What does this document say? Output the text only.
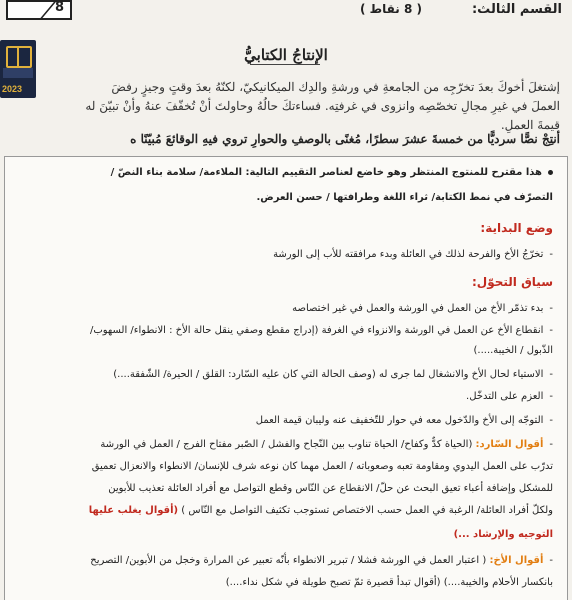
8	( 8 نقاط )	القسم الثالث:
2023
الإنتاجُ الكتابيُّ
إشتغلَ أخوكَ بعدَ تخرّجِه من الجامعةِ في ورشةِ والدِك الميكانيكيّ، لكنّهُ بعدَ وقتٍ وجيزٍ رفضَ
العملَ في غيرِ مجالِ تخصّصِه وانزوى في غرفتِه. فساءتكَ حالُهُ وحاولتَ أنْ تُخفّفَ عنهُ وأنْ تبيّنَ له
قيمةَ العملِ.
أنتِجْ نصًّا سرديًّا من خمسةَ عشرَ سطرًا، مُغنًى بالوصفِ والحوارِ تروي فيهِ الوقائعَ مُبيّنًا ه
هذا مقترح للمنتوج المنتظر وهو خاضع لعناصر التقييم التالية: الملاءمة/ سلامة بناء النصّ /
التصرّف في نمط الكتابة/ ثراء اللغة وطرافتها / حسن العرض.
وضع البداية:
-تخرّجُ الأخ والفرحة لذلك في العائلة وبدء مرافقته للأب إلى الورشة
سياق التحوّل:
-بدء تذمّر الأخ من العمل في الورشة والعمل في غير اختصاصه
-انقطاع الأخ عن العمل في الورشة والانزواء في الغرفة (إدراج مقطع وصفي ينقل حالة الأخ : الانطواء/ السهوب/
الذّبول / الخيبة.....)
-الاستياء لحال الأخ والانشغال لما جرى له (وصف الحالة التي كان عليه السّارد: القلق / الحيرة/ الشّفقة....)
-العزم على التدخّل.
-التوجّه إلى الأخ والدّخول معه في حوار للتّخفيف عنه وليبان قيمة العمل
-أقوال السّارد: (الحياة كدٌّ وكفاح/ الحياة تناوب بين النّجاح والفشل / الصّبر مفتاح الفرج / العمل في الورشة
تدرّب على العمل اليدوي ومقاومة تعبه وصعوباته / العمل مهما كان نوعه شرف للإنسان/ الانطواء والانعزال تعميق
للمشكل وإضافة أعباء تعيق البحث عن حلّ/ الانقطاع عن النّاس وقطع التواصل مع أفراد العائلة تعذيب للأبوين
ولكلّ أفراد العائلة/ الرغبة في العمل حسب الاختصاص تستوجب تكثيف التواصل مع النّاس ) (أقوال يغلب عليها
التوجيه والإرشاد ...)
-أقوال الأخ: ( اعتبار العمل في الورشة فشلا / تبرير الانطواء بأنّه تعبير عن المرارة وخجل من الأبوين/ التصريح
بانكسار الأحلام والخيبة....) (أقوال تبدأ قصيرة ثمّ تصبح طويلة في شكل نداء....)
